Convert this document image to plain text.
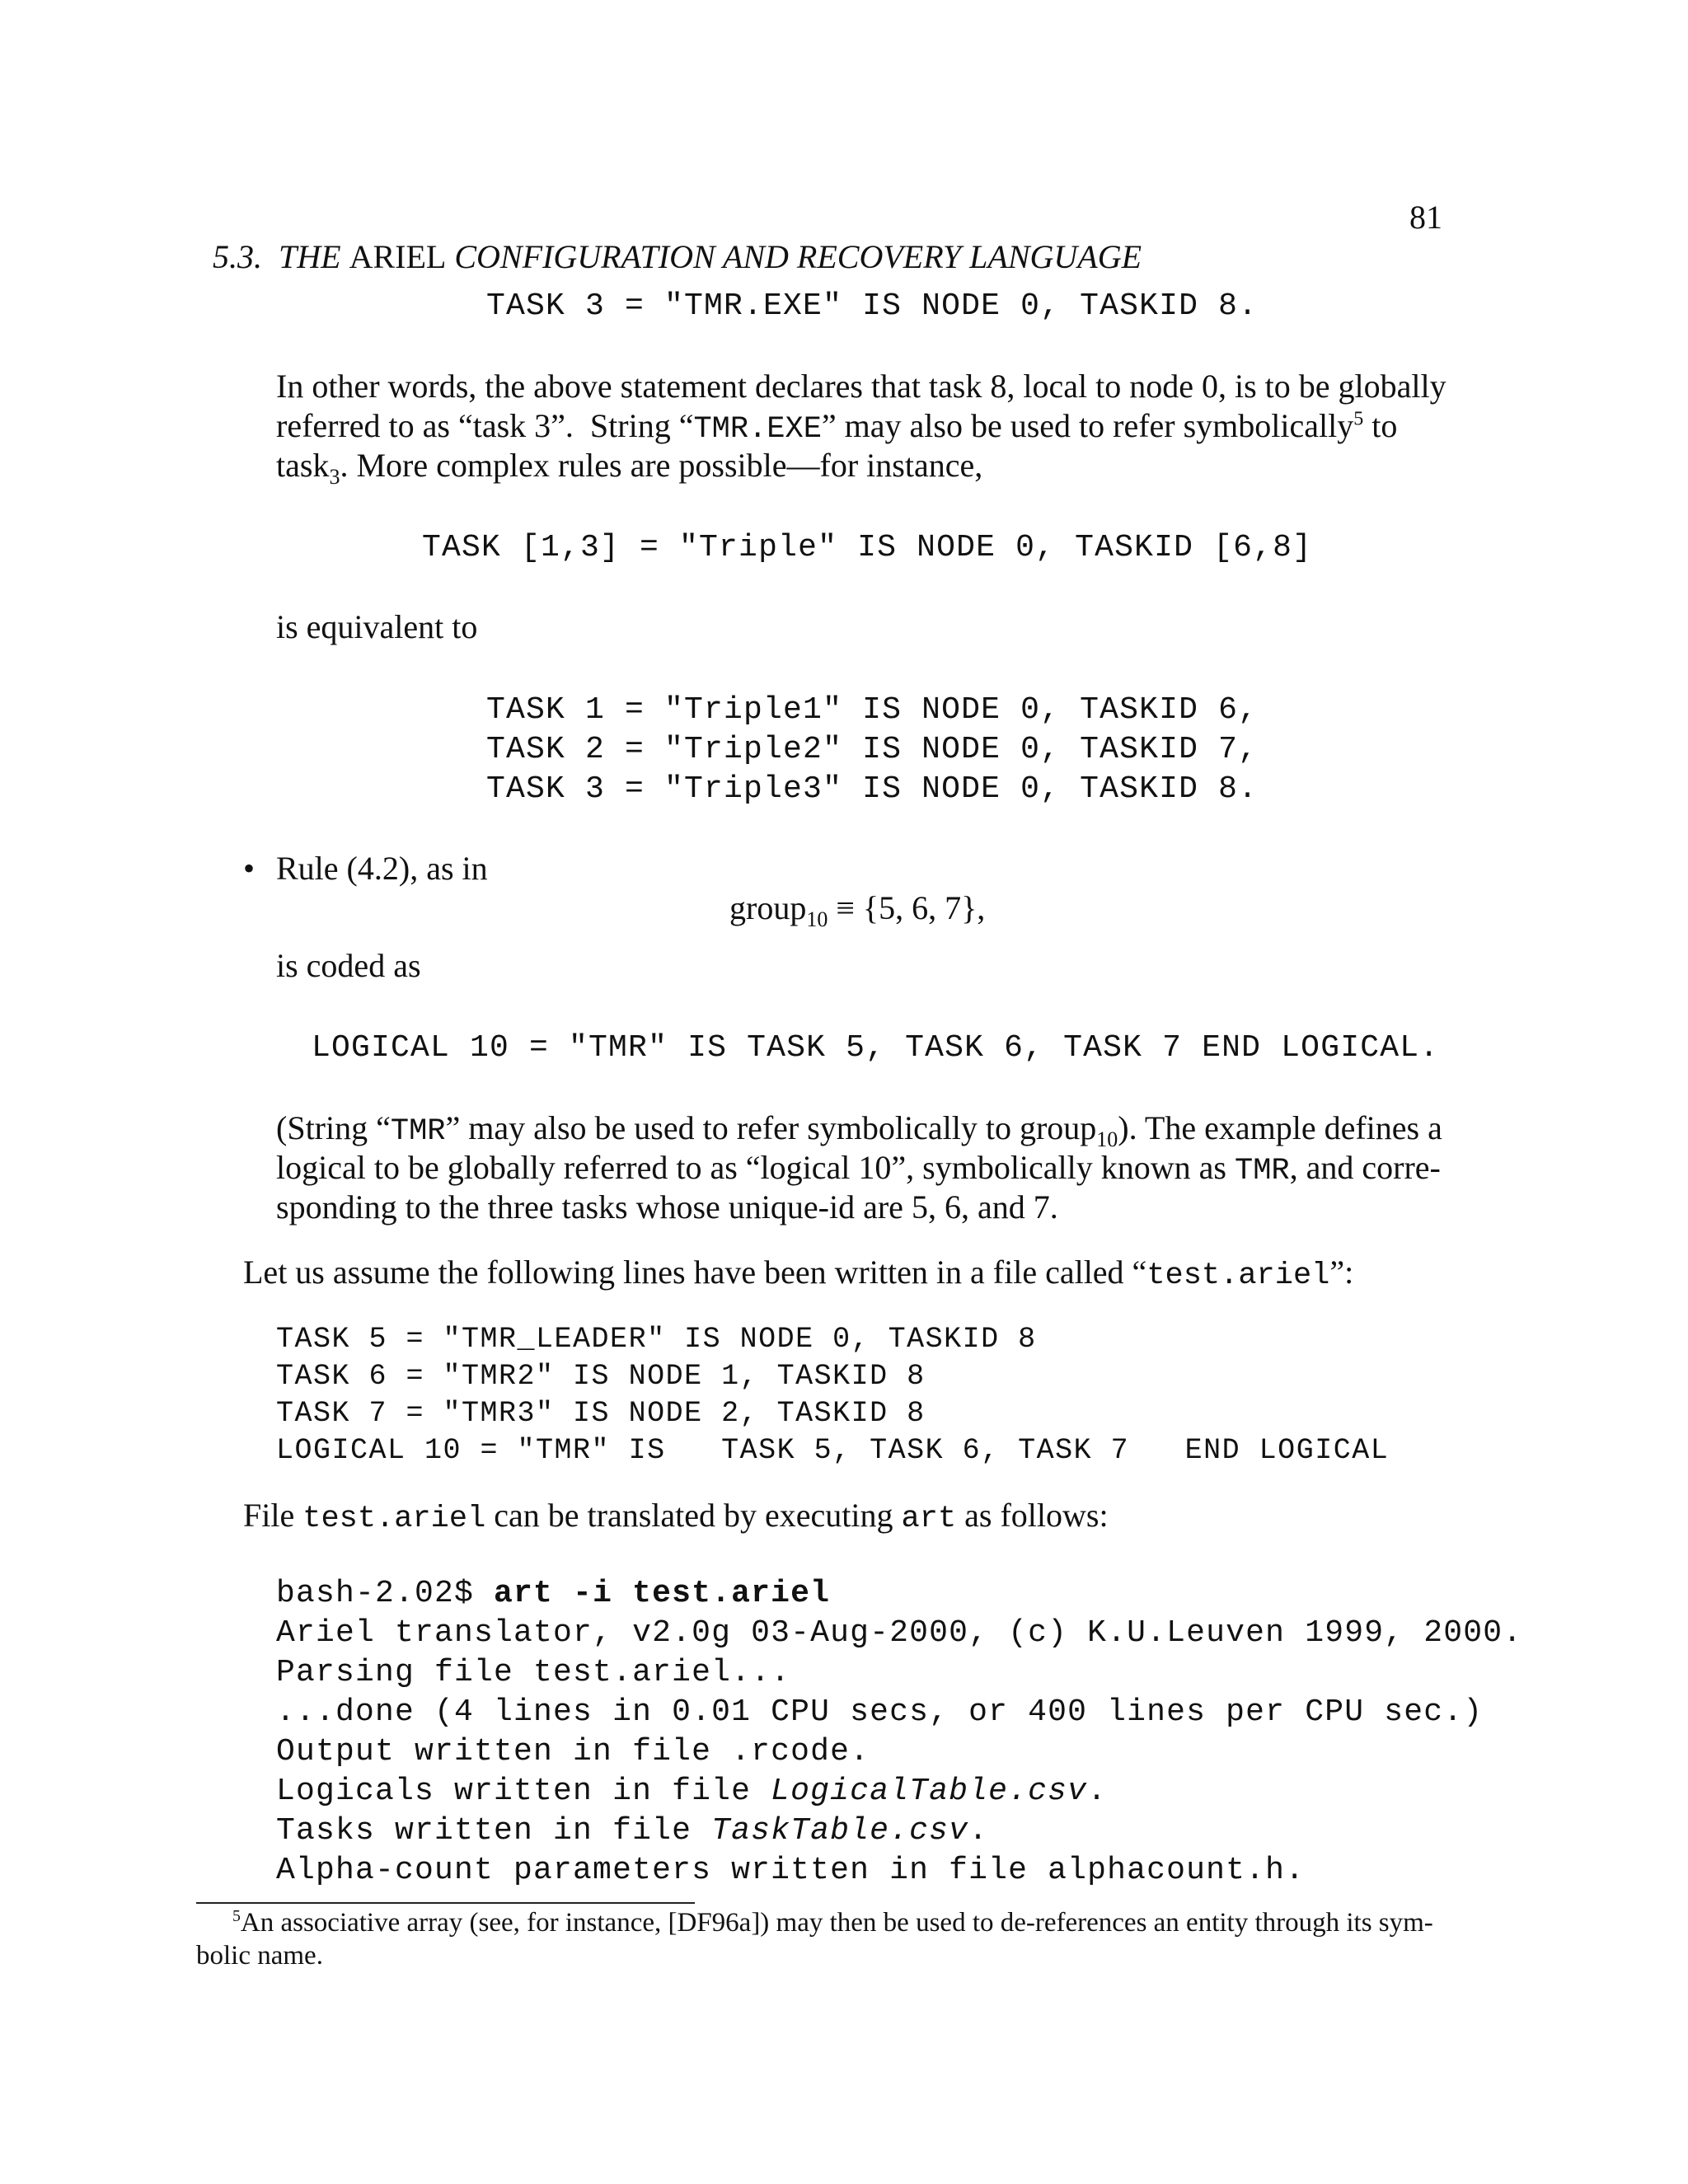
5.3. THE ARIEL CONFIGURATION AND RECOVERY LANGUAGE

81
TASK 3 = "TMR.EXE" IS NODE 0, TASKID 8.
In other words, the above statement declares that task 8, local to node 0, is to be globally
referred to as “task 3”.  String “TMR.EXE” may also be used to refer symbolically$^5$ to
task$_3$. More complex rules are possible—for instance,
TASK [1,3] = "Triple" IS NODE 0, TASKID [6,8]
is equivalent to
TASK 1 = "Triple1" IS NODE 0, TASKID 6,
TASK 2 = "Triple2" IS NODE 0, TASKID 7,
TASK 3 = "Triple3" IS NODE 0, TASKID 8.
• Rule (4.2), as in
group$_{10}$ ≡ {5, 6, 7},
is coded as
LOGICAL 10 = "TMR" IS TASK 5, TASK 6, TASK 7 END LOGICAL.
(String “TMR” may also be used to refer symbolically to group$_{10}$). The example defines a
logical to be globally referred to as “logical 10”, symbolically known as TMR, and corre-
sponding to the three tasks whose unique-id are 5, 6, and 7.
Let us assume the following lines have been written in a file called “test.ariel”:
TASK 5 = "TMR_LEADER" IS NODE 0, TASKID 8
TASK 6 = "TMR2" IS NODE 1, TASKID 8
TASK 7 = "TMR3" IS NODE 2, TASKID 8
LOGICAL 10 = "TMR" IS   TASK 5, TASK 6, TASK 7   END LOGICAL
File test.ariel can be translated by executing art as follows:
bash-2.02$ art -i test.ariel
Ariel translator, v2.0g 03-Aug-2000, (c) K.U.Leuven 1999, 2000.
Parsing file test.ariel...
...done (4 lines in 0.01 CPU secs, or 400 lines per CPU sec.)
Output written in file .rcode.
Logicals written in file LogicalTable.csv.
Tasks written in file TaskTable.csv.
Alpha-count parameters written in file alphacount.h.
$^5$An associative array (see, for instance, [DF96a]) may then be used to de-references an entity through its sym-
bolic name.
